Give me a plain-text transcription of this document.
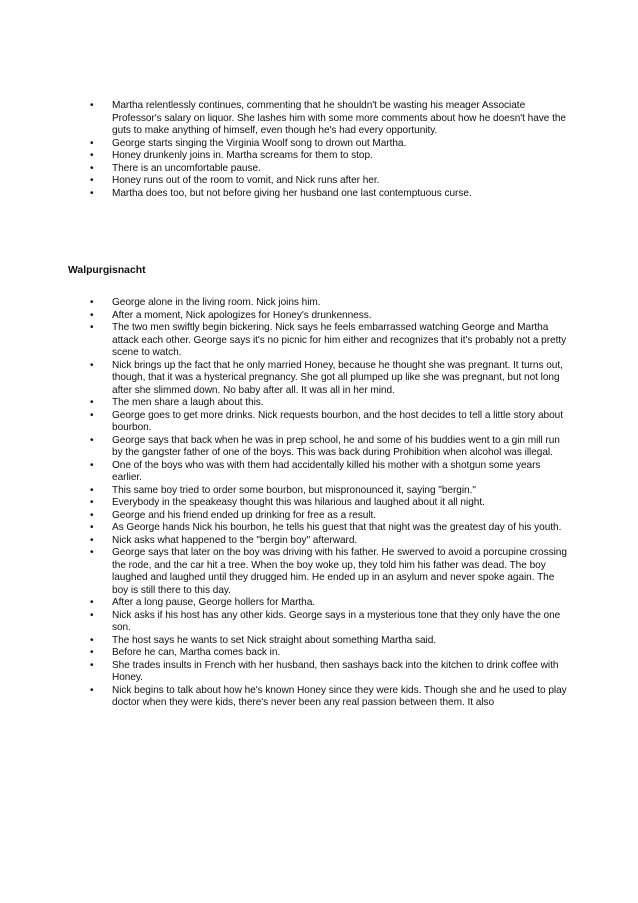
•	Martha relentlessly continues, commenting that he shouldn't be wasting his meager Associate Professor's salary on liquor. She lashes him with some more comments about how he doesn't have the guts to make anything of himself, even though he's had every opportunity.
•	George starts singing the Virginia Woolf song to drown out Martha.
•	Honey drunkenly joins in. Martha screams for them to stop.
•	There is an uncomfortable pause.
•	Honey runs out of the room to vomit, and Nick runs after her.
•	Martha does too, but not before giving her husband one last contemptuous curse.
Walpurgisnacht
•	George alone in the living room. Nick joins him.
•	After a moment, Nick apologizes for Honey's drunkenness.
•	The two men swiftly begin bickering. Nick says he feels embarrassed watching George and Martha attack each other. George says it's no picnic for him either and recognizes that it's probably not a pretty scene to watch.
•	Nick brings up the fact that he only married Honey, because he thought she was pregnant. It turns out, though, that it was a hysterical pregnancy. She got all plumped up like she was pregnant, but not long after she slimmed down. No baby after all. It was all in her mind.
•	The men share a laugh about this.
•	George goes to get more drinks. Nick requests bourbon, and the host decides to tell a little story about bourbon.
•	George says that back when he was in prep school, he and some of his buddies went to a gin mill run by the gangster father of one of the boys. This was back during Prohibition when alcohol was illegal.
•	One of the boys who was with them had accidentally killed his mother with a shotgun some years earlier.
•	This same boy tried to order some bourbon, but mispronounced it, saying "bergin."
•	Everybody in the speakeasy thought this was hilarious and laughed about it all night.
•	George and his friend ended up drinking for free as a result.
•	As George hands Nick his bourbon, he tells his guest that that night was the greatest day of his youth.
•	Nick asks what happened to the "bergin boy" afterward.
•	George says that later on the boy was driving with his father. He swerved to avoid a porcupine crossing the rode, and the car hit a tree. When the boy woke up, they told him his father was dead. The boy laughed and laughed until they drugged him. He ended up in an asylum and never spoke again. The boy is still there to this day.
•	After a long pause, George hollers for Martha.
•	Nick asks if his host has any other kids. George says in a mysterious tone that they only have the one son.
•	The host says he wants to set Nick straight about something Martha said.
•	Before he can, Martha comes back in.
•	She trades insults in French with her husband, then sashays back into the kitchen to drink coffee with Honey.
•	Nick begins to talk about how he's known Honey since they were kids. Though she and he used to play doctor when they were kids, there's never been any real passion between them. It also
